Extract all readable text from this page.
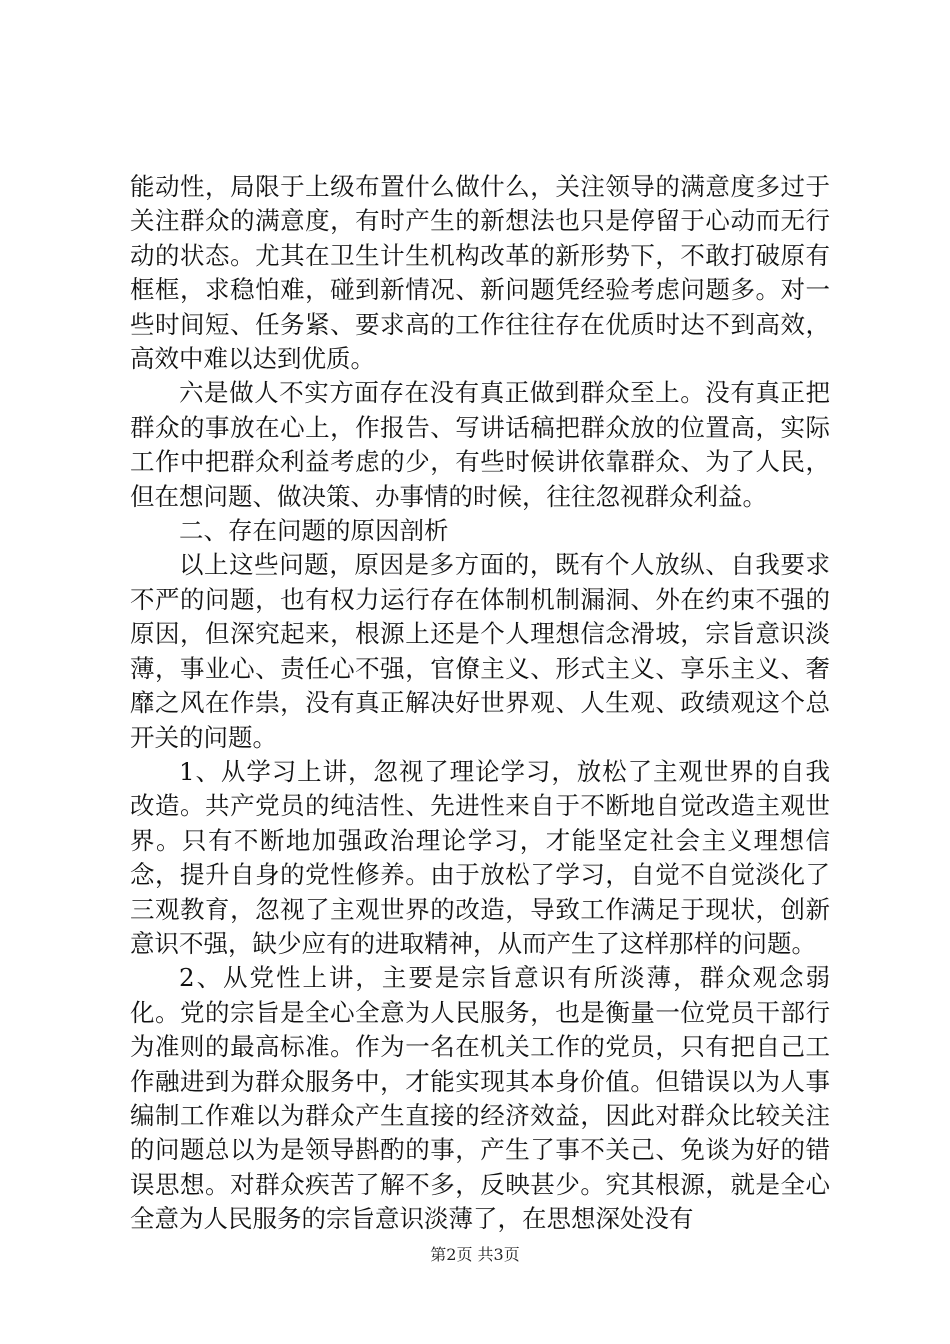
能动性，局限于上级布置什么做什么，关注领导的满意度多过于关注群众的满意度，有时产生的新想法也只是停留于心动而无行动的状态。尤其在卫生计生机构改革的新形势下，不敢打破原有框框，求稳怕难，碰到新情况、新问题凭经验考虑问题多。对一些时间短、任务紧、要求高的工作往往存在优质时达不到高效，高效中难以达到优质。

六是做人不实方面存在没有真正做到群众至上。没有真正把群众的事放在心上，作报告、写讲话稿把群众放的位置高，实际工作中把群众利益考虑的少，有些时候讲依靠群众、为了人民，但在想问题、做决策、办事情的时候，往往忽视群众利益。

二、存在问题的原因剖析

以上这些问题，原因是多方面的，既有个人放纵、自我要求不严的问题，也有权力运行存在体制机制漏洞、外在约束不强的原因，但深究起来，根源上还是个人理想信念滑坡，宗旨意识淡薄，事业心、责任心不强，官僚主义、形式主义、享乐主义、奢靡之风在作祟，没有真正解决好世界观、人生观、政绩观这个总开关的问题。

1、从学习上讲，忽视了理论学习，放松了主观世界的自我改造。共产党员的纯洁性、先进性来自于不断地自觉改造主观世界。只有不断地加强政治理论学习，才能坚定社会主义理想信念，提升自身的党性修养。由于放松了学习，自觉不自觉淡化了三观教育，忽视了主观世界的改造，导致工作满足于现状，创新意识不强，缺少应有的进取精神，从而产生了这样那样的问题。

2、从党性上讲，主要是宗旨意识有所淡薄，群众观念弱化。党的宗旨是全心全意为人民服务，也是衡量一位党员干部行为准则的最高标准。作为一名在机关工作的党员，只有把自己工作融进到为群众服务中，才能实现其本身价值。但错误以为人事编制工作难以为群众产生直接的经济效益，因此对群众比较关注的问题总以为是领导斟酌的事，产生了事不关己、免谈为好的错误思想。对群众疾苦了解不多，反映甚少。究其根源，就是全心全意为人民服务的宗旨意识淡薄了，在思想深处没有

第2页 共3页
